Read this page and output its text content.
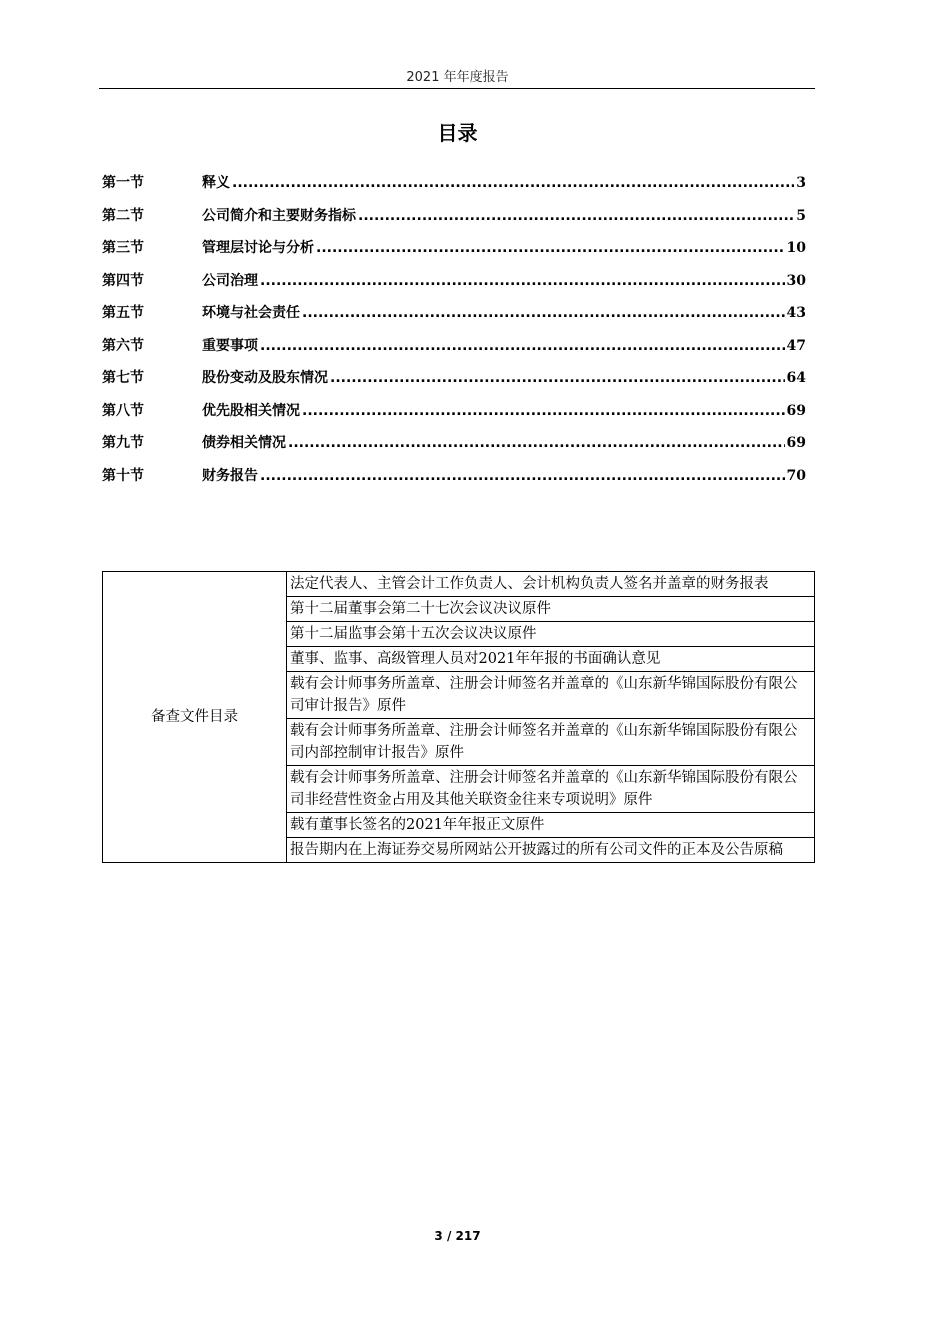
2021 年年度报告
目录
第一节	释义 .....	3
第二节	公司简介和主要财务指标 .....	5
第三节	管理层讨论与分析 .....	10
第四节	公司治理 .....	30
第五节	环境与社会责任 .....	43
第六节	重要事项 .....	47
第七节	股份变动及股东情况 .....	64
第八节	优先股相关情况 .....	69
第九节	债券相关情况 .....	69
第十节	财务报告 .....	70
备查文件目录	法定代表人、主管会计工作负责人、会计机构负责人签名并盖章的财务报表
第十二届董事会第二十七次会议决议原件
第十二届监事会第十五次会议决议原件
董事、监事、高级管理人员对2021年年报的书面确认意见
载有会计师事务所盖章、注册会计师签名并盖章的《山东新华锦国际股份有限公司审计报告》原件
载有会计师事务所盖章、注册会计师签名并盖章的《山东新华锦国际股份有限公司内部控制审计报告》原件
载有会计师事务所盖章、注册会计师签名并盖章的《山东新华锦国际股份有限公司非经营性资金占用及其他关联资金往来专项说明》原件
载有董事长签名的2021年年报正文原件
报告期内在上海证券交易所网站公开披露过的所有公司文件的正本及公告原稿
3 / 217
